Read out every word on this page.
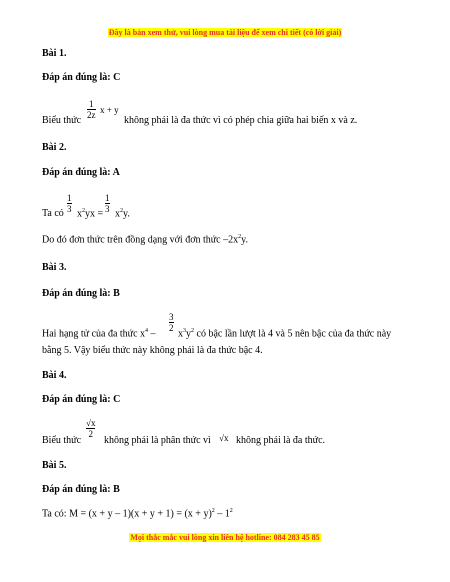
Đây là bản xem thử, vui lòng mua tài liệu để xem chi tiết (có lời giải)
Bài 1.
Đáp án đúng là: C
Biểu thức
$\frac{1}{2z}$ x + y
không phải là đa thức vì có phép chia giữa hai biến x và z.
Bài 2.
Đáp án đúng là: A
Ta có $\frac{1}{3} x^2yx = \frac{1}{3} x^2y$.
Do đó đơn thức trên đồng dạng với đơn thức $-2x^2y$.
Bài 3.
Đáp án đúng là: B
Hai hạng tử của đa thức $x^4$ –
$\frac{3}{2}$
$x^3y^2$ có bậc lần lượt là 4 và 5 nên bậc của đa thức này
bằng 5. Vậy biểu thức này không phải là đa thức bậc 4.
Bài 4.
Đáp án đúng là: C
Biểu thức
$\frac{√x}{2}$
không phải là phân thức vì √x không phải là đa thức.
Bài 5.
Đáp án đúng là: B
Ta có: $M = (x + y - 1)(x + y + 1) = (x + y)^2 - 1^2$
Mọi thắc mắc vui lòng xin liên hệ hotline: 084 283 45 85
